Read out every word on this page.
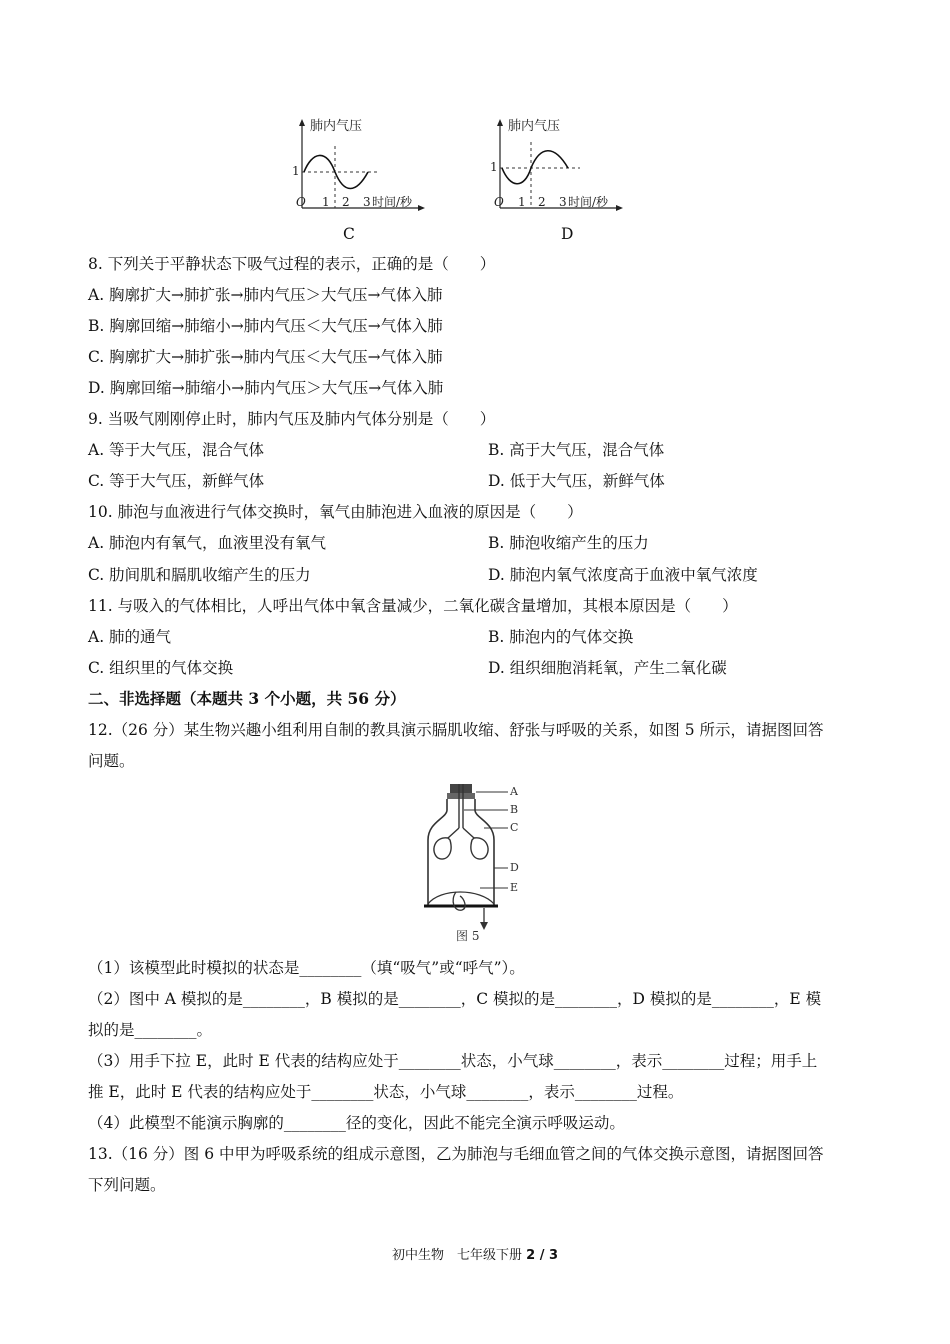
肺内气压
1
O 1 2 3 时间/秒
C
肺内气压
1
O 1 2 3 时间/秒
D
8. 下列关于平静状态下吸气过程的表示，正确的是（　　）
A. 胸廓扩大→肺扩张→肺内气压＞大气压→气体入肺
B. 胸廓回缩→肺缩小→肺内气压＜大气压→气体入肺
C. 胸廓扩大→肺扩张→肺内气压＜大气压→气体入肺
D. 胸廓回缩→肺缩小→肺内气压＞大气压→气体入肺
9. 当吸气刚刚停止时，肺内气压及肺内气体分别是（　　）
A. 等于大气压，混合气体	B. 高于大气压，混合气体
C. 等于大气压，新鲜气体	D. 低于大气压，新鲜气体
10. 肺泡与血液进行气体交换时，氧气由肺泡进入血液的原因是（　　）
A. 肺泡内有氧气，血液里没有氧气	B. 肺泡收缩产生的压力
C. 肋间肌和膈肌收缩产生的压力	D. 肺泡内氧气浓度高于血液中氧气浓度
11. 与吸入的气体相比，人呼出气体中氧含量减少，二氧化碳含量增加，其根本原因是（　　）
A. 肺的通气	B. 肺泡内的气体交换
C. 组织里的气体交换	D. 组织细胞消耗氧，产生二氧化碳
二、非选择题（本题共 3 个小题，共 56 分）
12.（26 分）某生物兴趣小组利用自制的教具演示膈肌收缩、舒张与呼吸的关系，如图 5 所示，请据图回答
问题。
A
B
C
D
E
图 5
（1）该模型此时模拟的状态是________（填“吸气”或“呼气”）。
（2）图中 A 模拟的是________，B 模拟的是________，C 模拟的是________，D 模拟的是________，E 模
拟的是________。
（3）用手下拉 E，此时 E 代表的结构应处于________状态，小气球________，表示________过程；用手上
推 E，此时 E 代表的结构应处于________状态，小气球________，表示________过程。
（4）此模型不能演示胸廓的________径的变化，因此不能完全演示呼吸运动。
13.（16 分）图 6 中甲为呼吸系统的组成示意图，乙为肺泡与毛细血管之间的气体交换示意图，请据图回答
下列问题。
初中生物　七年级下册 2 / 3
